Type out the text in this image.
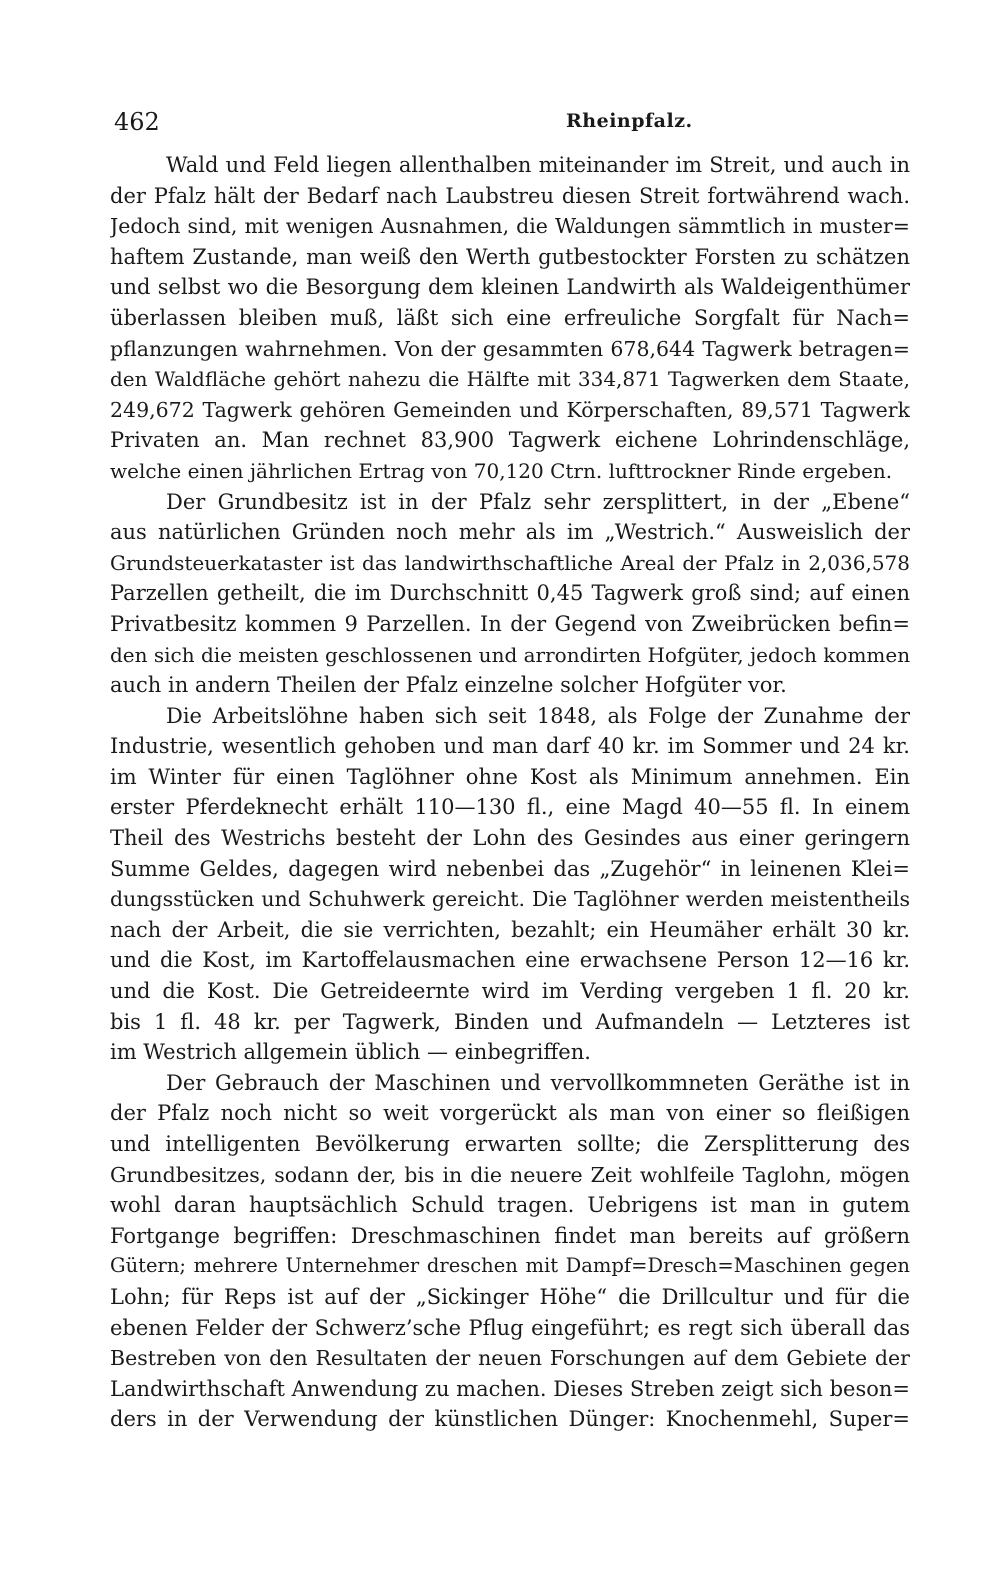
462	Rheinpfalz.
Wald und Feld liegen allenthalben miteinander im Streit, und auch in
der Pfalz hält der Bedarf nach Laubstreu diesen Streit fortwährend wach.
Jedoch sind, mit wenigen Ausnahmen, die Waldungen sämmtlich in muster=
haftem Zustande, man weiß den Werth gutbestockter Forsten zu schätzen
und selbst wo die Besorgung dem kleinen Landwirth als Waldeigenthümer
überlassen bleiben muß, läßt sich eine erfreuliche Sorgfalt für Nach=
pflanzungen wahrnehmen. Von der gesammten 678,644 Tagwerk betragen=
den Waldfläche gehört nahezu die Hälfte mit 334,871 Tagwerken dem Staate,
249,672 Tagwerk gehören Gemeinden und Körperschaften, 89,571 Tagwerk
Privaten an. Man rechnet 83,900 Tagwerk eichene Lohrindenschläge,
welche einen jährlichen Ertrag von 70,120 Ctrn. lufttrockner Rinde ergeben.
Der Grundbesitz ist in der Pfalz sehr zersplittert, in der „Ebene“
aus natürlichen Gründen noch mehr als im „Westrich.“ Ausweislich der
Grundsteuerkataster ist das landwirthschaftliche Areal der Pfalz in 2,036,578
Parzellen getheilt, die im Durchschnitt 0,45 Tagwerk groß sind; auf einen
Privatbesitz kommen 9 Parzellen. In der Gegend von Zweibrücken befin=
den sich die meisten geschlossenen und arrondirten Hofgüter, jedoch kommen
auch in andern Theilen der Pfalz einzelne solcher Hofgüter vor.
Die Arbeitslöhne haben sich seit 1848, als Folge der Zunahme der
Industrie, wesentlich gehoben und man darf 40 kr. im Sommer und 24 kr.
im Winter für einen Taglöhner ohne Kost als Minimum annehmen. Ein
erster Pferdeknecht erhält 110—130 fl., eine Magd 40—55 fl. In einem
Theil des Westrichs besteht der Lohn des Gesindes aus einer geringern
Summe Geldes, dagegen wird nebenbei das „Zugehör“ in leinenen Klei=
dungsstücken und Schuhwerk gereicht. Die Taglöhner werden meistentheils
nach der Arbeit, die sie verrichten, bezahlt; ein Heumäher erhält 30 kr.
und die Kost, im Kartoffelausmachen eine erwachsene Person 12—16 kr.
und die Kost. Die Getreideernte wird im Verding vergeben 1 fl. 20 kr.
bis 1 fl. 48 kr. per Tagwerk, Binden und Aufmandeln — Letzteres ist
im Westrich allgemein üblich — einbegriffen.
Der Gebrauch der Maschinen und vervollkommneten Geräthe ist in
der Pfalz noch nicht so weit vorgerückt als man von einer so fleißigen
und intelligenten Bevölkerung erwarten sollte; die Zersplitterung des
Grundbesitzes, sodann der, bis in die neuere Zeit wohlfeile Taglohn, mögen
wohl daran hauptsächlich Schuld tragen. Uebrigens ist man in gutem
Fortgange begriffen: Dreschmaschinen findet man bereits auf größern
Gütern; mehrere Unternehmer dreschen mit Dampf=Dresch=Maschinen gegen
Lohn; für Reps ist auf der „Sickinger Höhe“ die Drillcultur und für die
ebenen Felder der Schwerz’sche Pflug eingeführt; es regt sich überall das
Bestreben von den Resultaten der neuen Forschungen auf dem Gebiete der
Landwirthschaft Anwendung zu machen. Dieses Streben zeigt sich beson=
ders in der Verwendung der künstlichen Dünger: Knochenmehl, Super=
